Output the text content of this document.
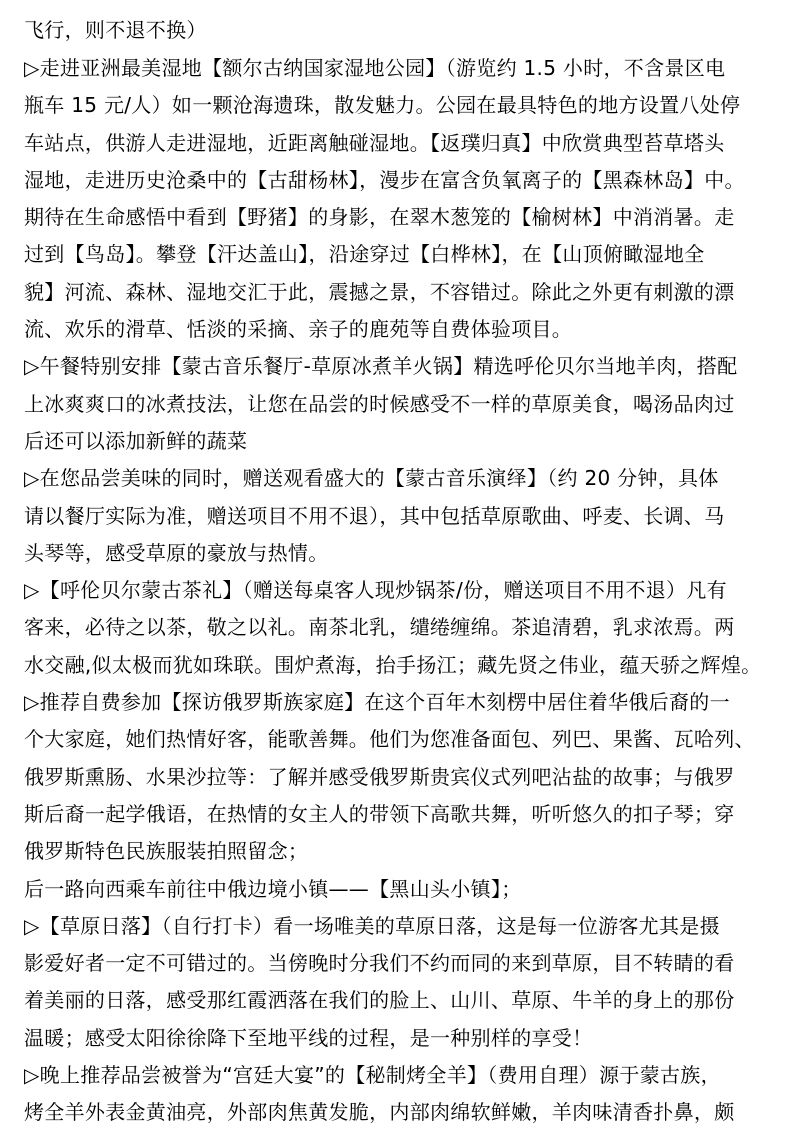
飞行，则不退不换）
▷走进亚洲最美湿地【额尔古纳国家湿地公园】（游览约 1.5 小时，不含景区电
瓶车 15 元/人）如一颗沧海遗珠，散发魅力。公园在最具特色的地方设置八处停
车站点，供游人走进湿地，近距离触碰湿地。【返璞归真】中欣赏典型苔草塔头
湿地，走进历史沧桑中的【古甜杨林】，漫步在富含负氧离子的【黑森林岛】中。
期待在生命感悟中看到【野猪】的身影，在翠木葱笼的【榆树林】中消消暑。走
过到【鸟岛】。攀登【汗达盖山】，沿途穿过【白桦林】，在【山顶俯瞰湿地全
貌】河流、森林、湿地交汇于此，震撼之景，不容错过。除此之外更有刺激的漂
流、欢乐的滑草、恬淡的采摘、亲子的鹿苑等自费体验项目。
▷午餐特别安排【蒙古音乐餐厅-草原冰煮羊火锅】精选呼伦贝尔当地羊肉，搭配
上冰爽爽口的冰煮技法，让您在品尝的时候感受不一样的草原美食，喝汤品肉过
后还可以添加新鲜的蔬菜
▷在您品尝美味的同时，赠送观看盛大的【蒙古音乐演绎】（约 20 分钟，具体
请以餐厅实际为准，赠送项目不用不退），其中包括草原歌曲、呼麦、长调、马
头琴等，感受草原的豪放与热情。
▷【呼伦贝尔蒙古茶礼】（赠送每桌客人现炒锅茶/份，赠送项目不用不退）凡有
客来，必待之以茶，敬之以礼。南茶北乳，缱绻缠绵。茶追清碧，乳求浓焉。两
水交融,似太极而犹如珠联。围炉煮海，抬手扬江；藏先贤之伟业，蕴天骄之辉煌。
▷推荐自费参加【探访俄罗斯族家庭】在这个百年木刻楞中居住着华俄后裔的一
个大家庭，她们热情好客，能歌善舞。他们为您准备面包、列巴、果酱、瓦哈列、
俄罗斯熏肠、水果沙拉等：了解并感受俄罗斯贵宾仪式列吧沾盐的故事；与俄罗
斯后裔一起学俄语，在热情的女主人的带领下高歌共舞，听听悠久的扣子琴；穿
俄罗斯特色民族服装拍照留念；
后一路向西乘车前往中俄边境小镇——【黑山头小镇】；
▷【草原日落】（自行打卡）看一场唯美的草原日落，这是每一位游客尤其是摄
影爱好者一定不可错过的。当傍晚时分我们不约而同的来到草原，目不转睛的看
着美丽的日落，感受那红霞洒落在我们的脸上、山川、草原、牛羊的身上的那份
温暖；感受太阳徐徐降下至地平线的过程，是一种别样的享受！
▷晚上推荐品尝被誉为“宫廷大宴”的【秘制烤全羊】（费用自理）源于蒙古族，
烤全羊外表金黄油亮，外部肉焦黄发脆，内部肉绵软鲜嫩，羊肉味清香扑鼻，颇
